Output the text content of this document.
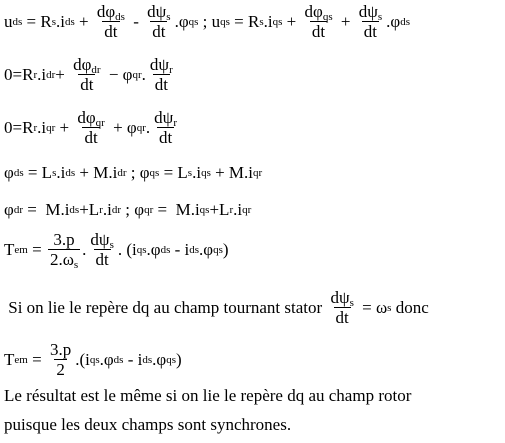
u ds = R s .i ds + $\frac{d\varphi_{ds}}{dt} - \frac{d\psi_s}{dt} .\varphi$ qs ; u qs = R s .i qs + $\frac{d\varphi_{qs}}{dt} + \frac{d\psi_s}{dt} .\varphi$ ds
0=R r .i dr + $\frac{d\varphi_{dr}}{dt} - \varphi$ qr . $\frac{d\psi_r}{dt}$
0=R r .i qr + $\frac{d\varphi_{qr}}{dt} + \varphi$ qr . $\frac{d\psi_r}{dt}$
φ ds = L s .i ds + M.i dr ; φ qs = L s .i qs + M.i qr
φ dr =  M.i ds +L r .i dr ; φ qr =  M.i qs +L r .i qr
T em = $\frac{3.p}{2.\omega_s}$ . $\frac{d\psi_s}{dt}$ . (i qs .φ ds - i ds .φ qs )
Si on lie le repère dq au champ tournant stator $\frac{d\psi_s}{dt} = \omega$ s donc
T em = $\frac{3.p}{2} .(i$ qs .φ ds - i ds .φ qs )
Le résultat est le même si on lie le repère dq au champ rotor
puisque les deux champs sont synchrones.
